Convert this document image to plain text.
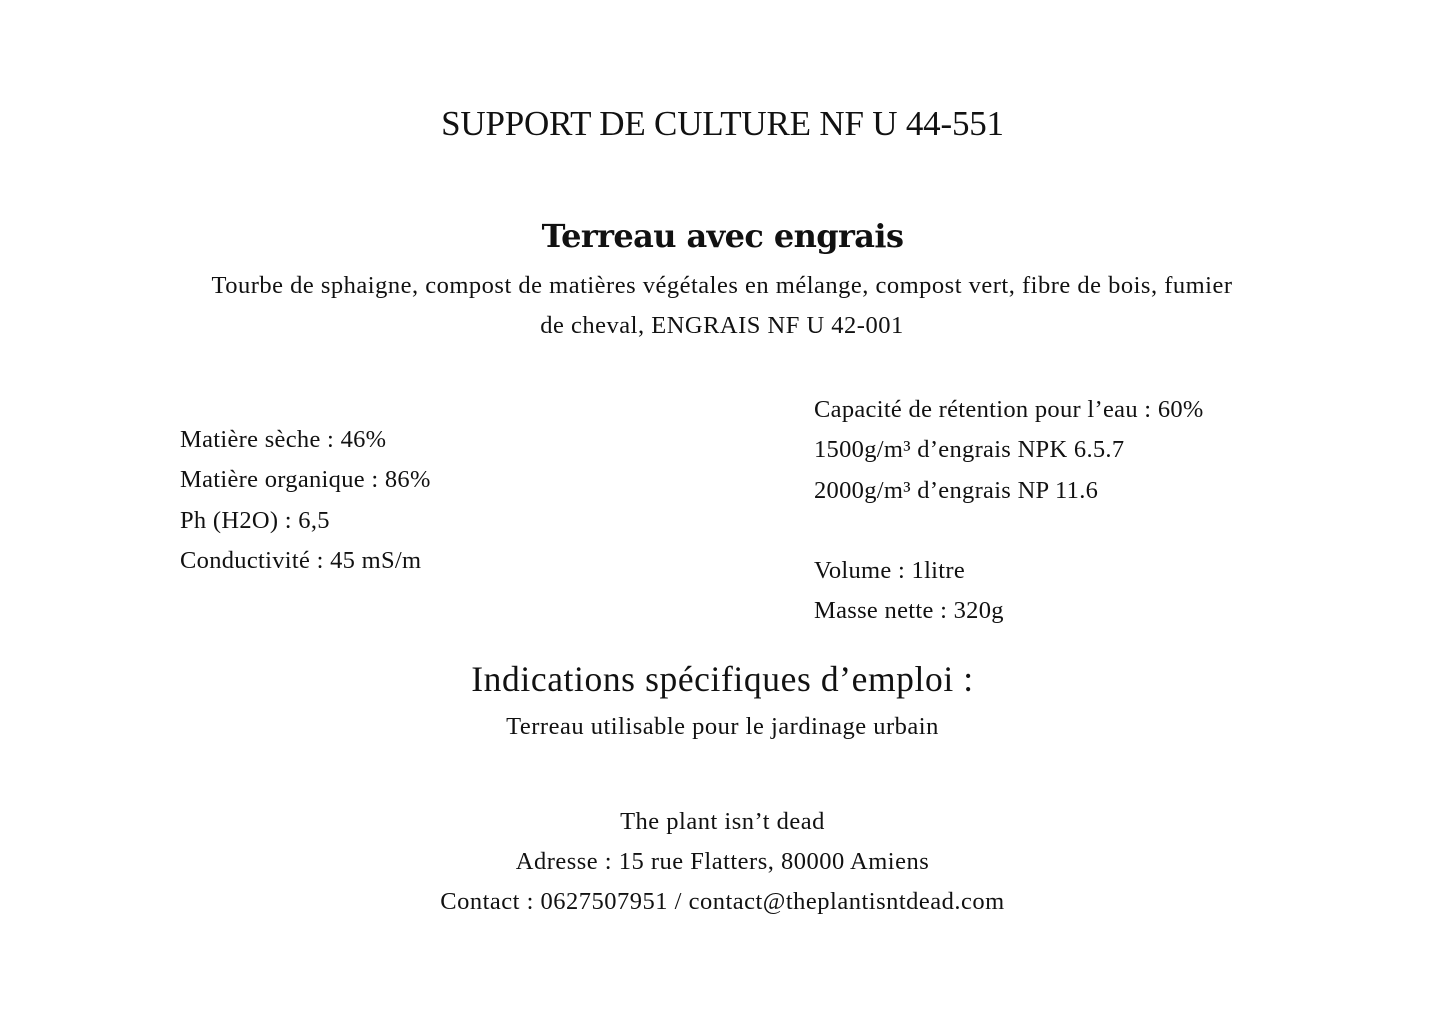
SUPPORT DE CULTURE NF U 44-551
Terreau avec engrais
Tourbe de sphaigne, compost de matières végétales en mélange, compost vert, fibre de bois, fumier
de cheval, ENGRAIS NF U 42-001
Matière sèche : 46%
Matière organique : 86%
Ph (H2O) : 6,5
Conductivité : 45 mS/m
Capacité de rétention pour l’eau : 60%
1500g/m³ d’engrais NPK 6.5.7
2000g/m³ d’engrais NP 11.6
Volume : 1litre
Masse nette : 320g
Indications spécifiques d’emploi :
Terreau utilisable pour le jardinage urbain
The plant isn’t dead
Adresse : 15 rue Flatters, 80000 Amiens
Contact : 0627507951 / contact@theplantisntdead.com
